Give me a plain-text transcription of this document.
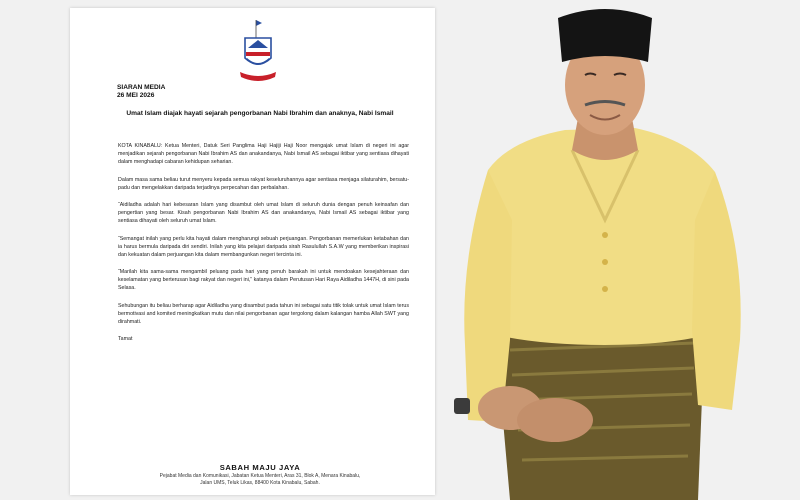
SIARAN MEDIA
26 MEI 2026
Umat Islam diajak hayati sejarah pengorbanan Nabi Ibrahim dan anaknya, Nabi Ismail

KOTA KINABALU: Ketua Menteri, Datuk Seri Panglima Haji Hajiji Haji Noor mengajak umat Islam di negeri ini agar menjadikan sejarah pengorbanan Nabi Ibrahim AS dan anakandanya, Nabi Ismail AS sebagai iktibar yang sentiasa dihayati dalam menghadapi cabaran kehidupan seharian.

Dalam masa sama beliau turut menyeru kepada semua rakyat keseluruhannya agar sentiasa menjaga silaturahim, bersatu-padu dan mengelakkan daripada terjadinya perpecahan dan perbalahan.

“Aidiladha adalah hari kebesaran Islam yang disambut oleh umat Islam di seluruh dunia dengan penuh keinsafan dan pengertian yang besar. Kisah pengorbanan Nabi Ibrahim AS dan anakandanya, Nabi Ismail AS sebagai iktibar yang sentiasa dihayati oleh seluruh umat Islam.

“Semangat inilah yang perlu kita hayati dalam mengharungi sebuah perjuangan. Pengorbanan memerlukan ketabahan dan ia harus bermula daripada diri sendiri. Inilah yang kita pelajari daripada sirah Rasulullah S.A.W yang memberikan inspirasi dan kekuatan dalam perjuangan kita dalam membangunkan negeri tercinta ini.

“Marilah kita sama-sama mengambil peluang pada hari yang penuh barakah ini untuk mendoakan kesejahteraan dan keselamatan yang berterusan bagi rakyat dan negeri ini,” katanya dalam Perutusan Hari Raya Aidiladha 1447H, di sini pada Selasa.

Sehubungan itu beliau berharap agar Aidiladha yang disambut pada tahun ini sebagai satu titik tolak untuk umat Islam terus bermotivasi and komited meningkatkan mutu dan nilai pengorbanan agar tergolong dalam kalangan hamba Allah SWT yang dirahmati.

Tamat

SABAH MAJU JAYA
Pejabat Media dan Komunikasi, Jabatan Ketua Menteri, Aras 31, Blok A, Menara Kinabalu,
Jalan UMS, Teluk Likas, 88400 Kota Kinabalu, Sabah.
